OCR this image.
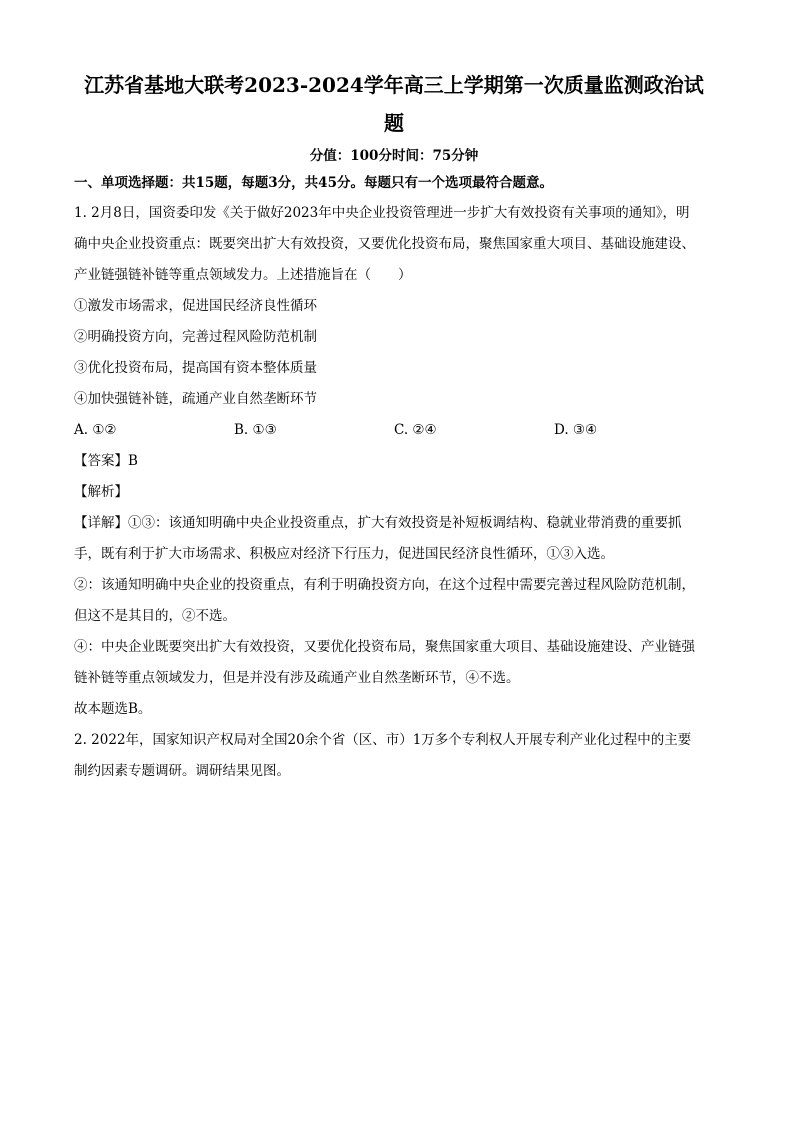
江苏省基地大联考2023-2024学年高三上学期第一次质量监测政治试
题
分值：100分时间：75分钟
一、单项选择题：共15题，每题3分，共45分。每题只有一个选项最符合题意。

1. 2月8日，国资委印发《关于做好2023年中央企业投资管理进一步扩大有效投资有关事项的通知》，明

确中央企业投资重点：既要突出扩大有效投资，又要优化投资布局，聚焦国家重大项目、基础设施建设、

产业链强链补链等重点领域发力。上述措施旨在（　　）

①激发市场需求，促进国民经济良性循环

②明确投资方向，完善过程风险防范机制

③优化投资布局，提高国有资本整体质量

④加快强链补链，疏通产业自然垄断环节

A. ①②	B. ①③	C. ②④	D. ③④

【答案】B

【解析】

【详解】①③：该通知明确中央企业投资重点，扩大有效投资是补短板调结构、稳就业带消费的重要抓

手，既有利于扩大市场需求、积极应对经济下行压力，促进国民经济良性循环，①③入选。

②：该通知明确中央企业的投资重点，有利于明确投资方向，在这个过程中需要完善过程风险防范机制，

但这不是其目的，②不选。

④：中央企业既要突出扩大有效投资，又要优化投资布局，聚焦国家重大项目、基础设施建设、产业链强

链补链等重点领域发力，但是并没有涉及疏通产业自然垄断环节，④不选。

故本题选B。

2. 2022年，国家知识产权局对全国20余个省（区、市）1万多个专利权人开展专利产业化过程中的主要

制约因素专题调研。调研结果见图。
